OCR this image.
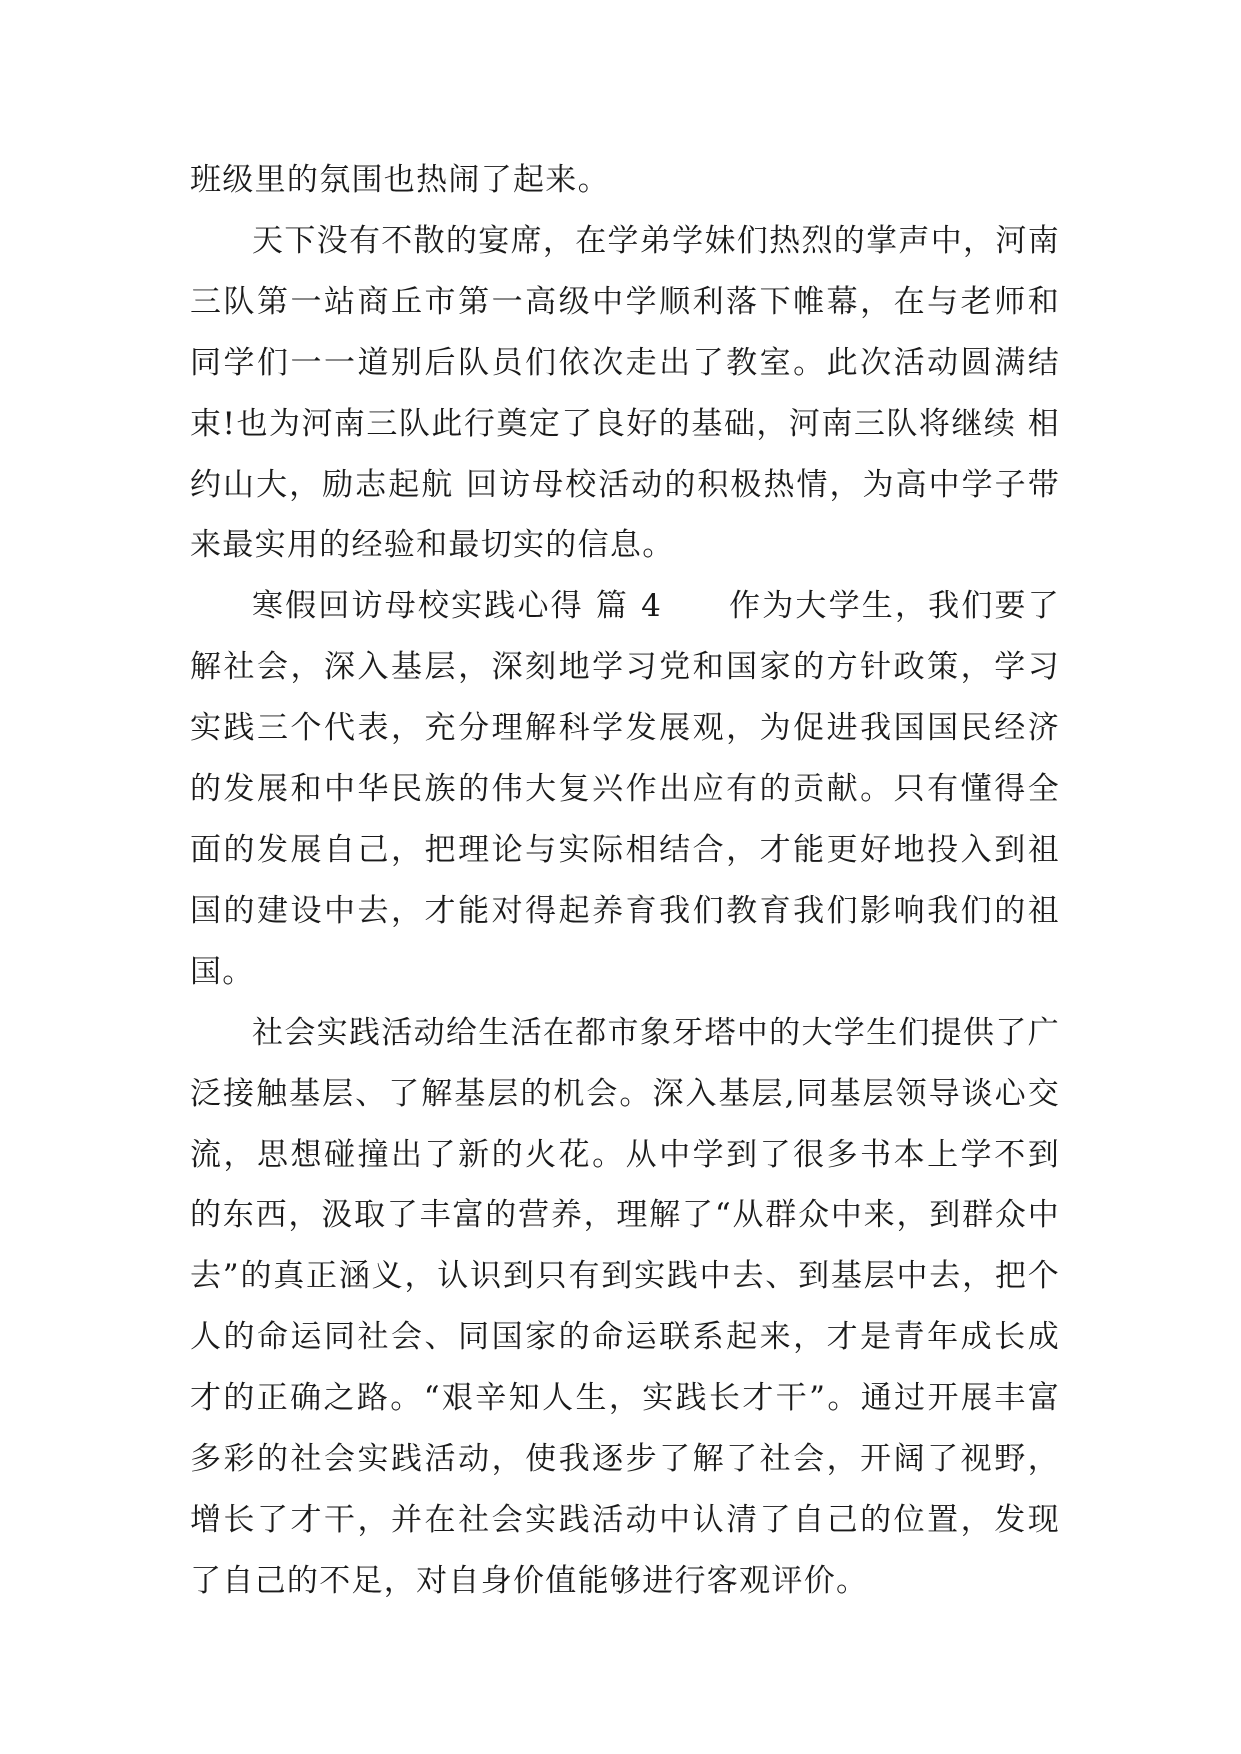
班级里的氛围也热闹了起来。

天下没有不散的宴席，在学弟学妹们热烈的掌声中，河南三队第一站商丘市第一高级中学顺利落下帷幕，在与老师和同学们一一道别后队员们依次走出了教室。此次活动圆满结束!也为河南三队此行奠定了良好的基础，河南三队将继续 相约山大，励志起航 回访母校活动的积极热情，为高中学子带来最实用的经验和最切实的信息。

寒假回访母校实践心得 篇 4 作为大学生，我们要了解社会，深入基层，深刻地学习党和国家的方针政策，学习实践三个代表，充分理解科学发展观，为促进我国国民经济的发展和中华民族的伟大复兴作出应有的贡献。只有懂得全面的发展自己，把理论与实际相结合，才能更好地投入到祖国的建设中去，才能对得起养育我们教育我们影响我们的祖国。

社会实践活动给生活在都市象牙塔中的大学生们提供了广泛接触基层、了解基层的机会。深入基层,同基层领导谈心交流，思想碰撞出了新的火花。从中学到了很多书本上学不到的东西，汲取了丰富的营养，理解了“从群众中来，到群众中去”的真正涵义，认识到只有到实践中去、到基层中去，把个人的命运同社会、同国家的命运联系起来，才是青年成长成才的正确之路。“艰辛知人生，实践长才干”。通过开展丰富多彩的社会实践活动，使我逐步了解了社会，开阔了视野，增长了才干，并在社会实践活动中认清了自己的位置，发现了自己的不足，对自身价值能够进行客观评价。
